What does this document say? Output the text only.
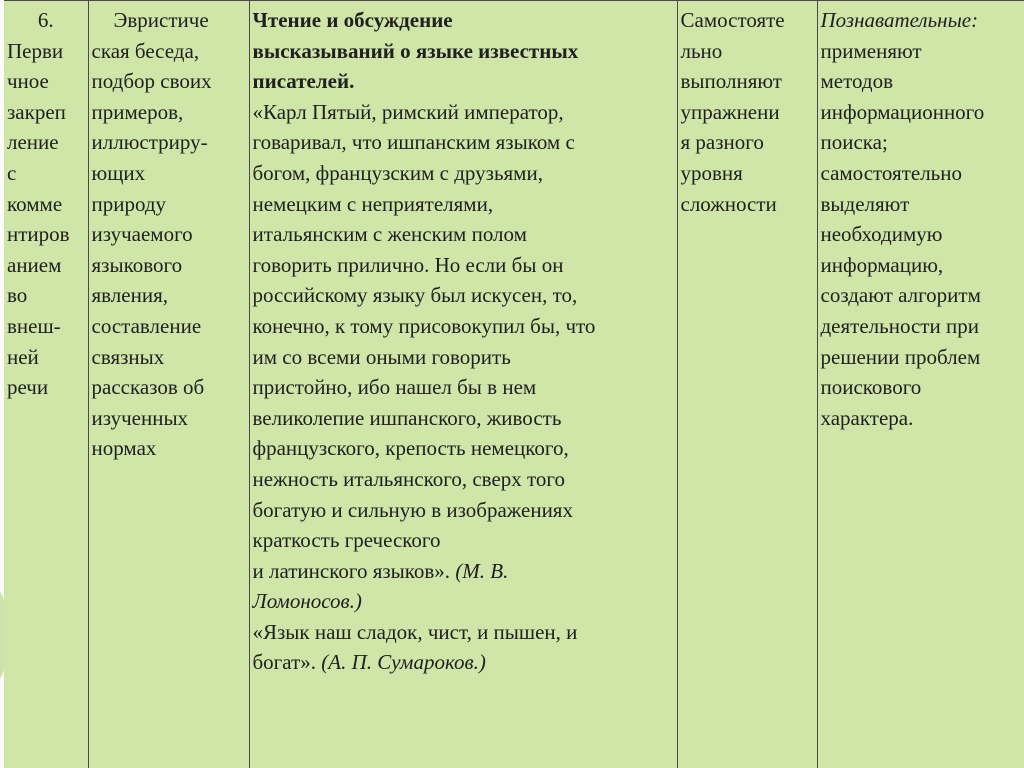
6.
Перви
чное
закреп
ление
с
комме
нтиров
анием
во
внеш-
ней
речи

Эвристиче
ская беседа,
подбор своих
примеров,
иллюстриру-
ющих
природу
изучаемого
языкового
явления,
составление
связных
рассказов об
изученных
нормах

Чтение и обсуждение
высказываний о языке известных
писателей.
«Карл Пятый, римский император,
говаривал, что ишпанским языком с
богом, французским с друзьями,
немецким с неприятелями,
итальянским с женским полом
говорить прилично. Но если бы он
российскому языку был искусен, то,
конечно, к тому присовокупил бы, что
им со всеми оными говорить
пристойно, ибо нашел бы в нем
великолепие ишпанского, живость
французского, крепость немецкого,
нежность итальянского, сверх того
богатую и сильную в изображениях
краткость греческого
и латинского языков». (М. В.
Ломоносов.)
«Язык наш сладок, чист, и пышен, и
богат». (А. П. Сумароков.)

Самостояте
льно
выполняют
упражнени
я разного
уровня
сложности

Познавательные:
применяют
методов
информационного
поиска;
самостоятельно
выделяют
необходимую
информацию,
создают алгоритм
деятельности при
решении проблем
поискового
характера.
